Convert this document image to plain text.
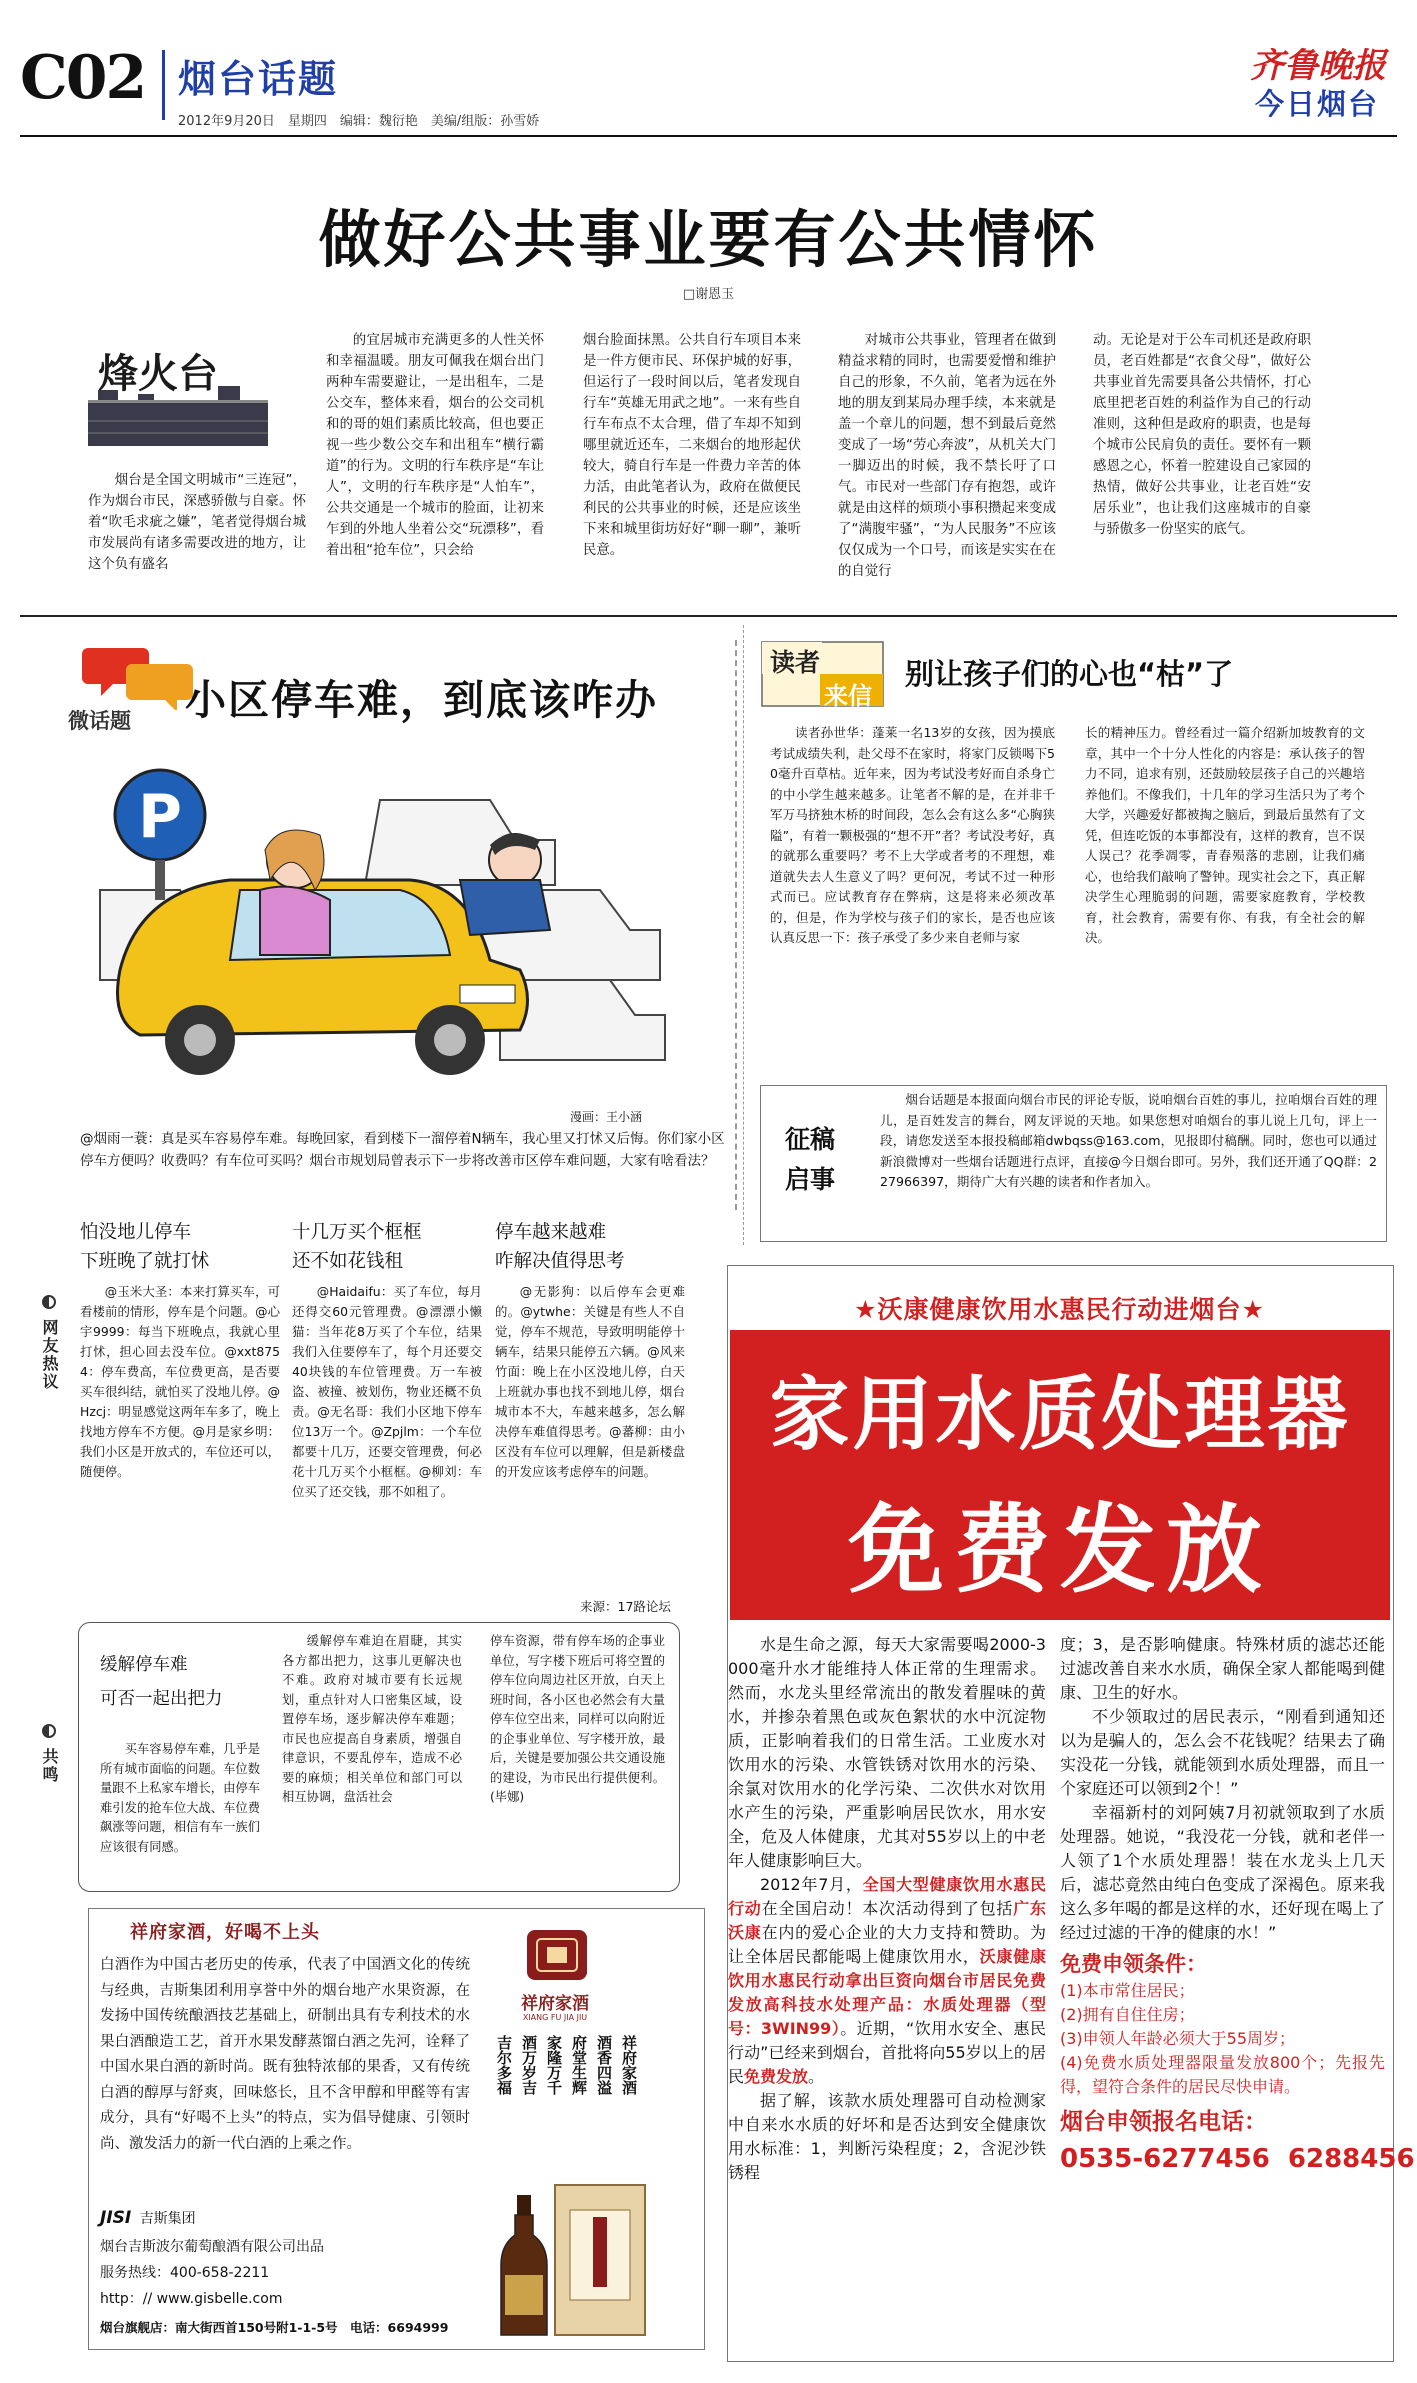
C02 烟台话题
2012年9月20日　星期四　编辑：魏衍艳　美编/组版：孙雪娇
齐鲁晚报
今日烟台
做好公共事业要有公共情怀
□谢恩玉
烽火台
烟台是全国文明城市“三连冠”，作为烟台市民，深感骄傲与自豪。怀着“吹毛求疵之嫌”，笔者觉得烟台城市发展尚有诸多需要改进的地方，让这个负有盛名
的宜居城市充满更多的人性关怀和幸福温暖。朋友可佩我在烟台出门两种车需要避让，一是出租车，二是公交车，整体来看，烟台的公交司机和的哥的姐们素质比较高，但也要正视一些少数公交车和出租车“横行霸道”的行为。文明的行车秩序是“车让人”，文明的行车秩序是“人怕车”，公共交通是一个城市的脸面，让初来乍到的外地人坐着公交“玩漂移”，看着出租“抢车位”，只会给
烟台脸面抹黑。公共自行车项目本来是一件方便市民、环保护城的好事，但运行了一段时间以后，笔者发现自行车“英雄无用武之地”。一来有些自行车布点不太合理，借了车却不知到哪里就近还车，二来烟台的地形起伏较大，骑自行车是一件费力辛苦的体力活，由此笔者认为，政府在做便民利民的公共事业的时候，还是应该坐下来和城里街坊好好“聊一聊”，兼听民意。
对城市公共事业，管理者在做到精益求精的同时，也需要爱憎和维护自己的形象，不久前，笔者为远在外地的朋友到某局办理手续，本来就是盖一个章儿的问题，想不到最后竟然变成了一场“劳心奔波”，从机关大门一脚迈出的时候，我不禁长吁了口气。市民对一些部门存有抱怨，或许就是由这样的烦琐小事积攒起来变成了“满腹牢骚”，“为人民服务”不应该仅仅成为一个口号，而该是实实在在的自觉行
动。无论是对于公车司机还是政府职员，老百姓都是“衣食父母”，做好公共事业首先需要具备公共情怀，打心底里把老百姓的利益作为自己的行动准则，这种但是政府的职责，也是每个城市公民肩负的责任。要怀有一颗感恩之心，怀着一腔建设自己家园的热情，做好公共事业，让老百姓“安居乐业”，也让我们这座城市的自豪与骄傲多一份坚实的底气。
微话题 小区停车难，到底该咋办
P
漫画：王小涵
@烟雨一蓑：真是买车容易停车难。每晚回家，看到楼下一溜停着N辆车，我心里又打怵又后悔。你们家小区停车方便吗？收费吗？有车位可买吗？烟台市规划局曾表示下一步将改善市区停车难问题，大家有啥看法？
网友热议
共鸣
怕没地儿停车
下班晚了就打怵
@玉米大圣：本来打算买车，可看楼前的情形，停车是个问题。@心宇9999：每当下班晚点，我就心里打怵，担心回去没车位。@xxt8754：停车费高，车位费更高，是否要买车很纠结，就怕买了没地儿停。@Hzcj：明显感觉这两年车多了，晚上找地方停车不方便。@月是家乡明：我们小区是开放式的，车位还可以，随便停。
十几万买个框框
还不如花钱租
@Haidaifu：买了车位，每月还得交60元管理费。@漂漂小懒猫：当年花8万买了个车位，结果我们入住要停车了，每个月还要交40块钱的车位管理费。万一车被盗、被撞、被划伤，物业还概不负责。@无名哥：我们小区地下停车位13万一个。@Zpjlm：一个车位都要十几万，还要交管理费，何必花十几万买个小框框。@柳刘：车位买了还交钱，那不如租了。
停车越来越难
咋解决值得思考
@无影狗：以后停车会更难的。@ytwhe：关键是有些人不自觉，停车不规范，导致明明能停十辆车，结果只能停五六辆。@风来竹面：晚上在小区没地儿停，白天上班就办事也找不到地儿停，烟台城市本不大，车越来越多，怎么解决停车难值得思考。@蕃柳：由小区没有车位可以理解，但是新楼盘的开发应该考虑停车的问题。
来源：17路论坛
缓解停车难
可否一起出把力
买车容易停车难，几乎是所有城市面临的问题。车位数量跟不上私家车增长，由停车难引发的抢车位大战、车位费飙涨等问题，相信有车一族们应该很有同感。
缓解停车难迫在眉睫，其实各方都出把力，这事儿更解决也不难。政府对城市要有长远规划，重点针对人口密集区域，设置停车场，逐步解决停车难题；市民也应提高自身素质，增强自律意识，不要乱停车，造成不必要的麻烦；相关单位和部门可以相互协调，盘活社会
停车资源，带有停车场的企事业单位，写字楼下班后可将空置的停车位向周边社区开放，白天上班时间，各小区也必然会有大量停车位空出来，同样可以向附近的企事业单位、写字楼开放，最后，关键是要加强公共交通设施的建设，为市民出行提供便利。(毕娜)
读者
来信
别让孩子们的心也“枯”了
读者孙世华：蓬莱一名13岁的女孩，因为摸底考试成绩失利，赴父母不在家时，将家门反锁喝下50毫升百草枯。近年来，因为考试没考好而自杀身亡的中小学生越来越多。让笔者不解的是，在并非千军万马挤独木桥的时间段，怎么会有这么多“心胸狭隘”，有着一颗极强的“想不开”者？考试没考好，真的就那么重要吗？考不上大学或者考的不理想，难道就失去人生意义了吗？更何况，考试不过一种形式而已。应试教育存在弊病，这是将来必须改革的，但是，作为学校与孩子们的家长，是否也应该认真反思一下：孩子承受了多少来自老师与家
长的精神压力。曾经看过一篇介绍新加坡教育的文章，其中一个十分人性化的内容是：承认孩子的智力不同，追求有别，还鼓励较层孩子自己的兴趣培养他们。不像我们，十几年的学习生活只为了考个大学，兴趣爱好都被掏之脑后，到最后虽然有了文凭，但连吃饭的本事都没有，这样的教育，岂不误人误己？花季凋零，青春殒落的悲剧，让我们痛心，也给我们敲响了警钟。现实社会之下，真正解决学生心理脆弱的问题，需要家庭教育，学校教育，社会教育，需要有你、有我，有全社会的解决。
征稿
启事
烟台话题是本报面向烟台市民的评论专版，说咱烟台百姓的事儿，拉咱烟台百姓的理儿，是百姓发言的舞台，网友评说的天地。如果您想对咱烟台的事儿说上几句，评上一段，请您发送至本报投稿邮箱dwbqss@163.com，见报即付稿酬。同时，您也可以通过新浪微博对一些烟台话题进行点评，直接@今日烟台即可。另外，我们还开通了QQ群：227966397，期待广大有兴趣的读者和作者加入。
★沃康健康饮用水惠民行动进烟台★
家用水质处理器
免费发放
水是生命之源，每天大家需要喝2000-3000毫升水才能维持人体正常的生理需求。然而，水龙头里经常流出的散发着腥味的黄水，并掺杂着黑色或灰色絮状的水中沉淀物质，正影响着我们的日常生活。工业废水对饮用水的污染、水管铁锈对饮用水的污染、余氯对饮用水的化学污染、二次供水对饮用水产生的污染，严重影响居民饮水，用水安全，危及人体健康，尤其对55岁以上的中老年人健康影响巨大。
2012年7月，全国大型健康饮用水惠民行动在全国启动！本次活动得到了包括广东沃康在内的爱心企业的大力支持和赞助。为让全体居民都能喝上健康饮用水，沃康健康饮用水惠民行动拿出巨资向烟台市居民免费发放高科技水处理产品：水质处理器（型号：3WIN99）。近期，“饮用水安全、惠民行动”已经来到烟台，首批将向55岁以上的居民免费发放。
据了解，该款水质处理器可自动检测家中自来水水质的好坏和是否达到安全健康饮用水标准：1，判断污染程度；2，含泥沙铁锈程
度；3，是否影响健康。特殊材质的滤芯还能过滤改善自来水水质，确保全家人都能喝到健康、卫生的好水。
不少领取过的居民表示，“刚看到通知还以为是骗人的，怎么会不花钱呢？结果去了确实没花一分钱，就能领到水质处理器，而且一个家庭还可以领到2个！”
幸福新村的刘阿姨7月初就领取到了水质处理器。她说，“我没花一分钱，就和老伴一人领了1个水质处理器！装在水龙头上几天后，滤芯竟然由纯白色变成了深褐色。原来我这么多年喝的都是这样的水，还好现在喝上了经过过滤的干净的健康的水！”
免费申领条件：
(1)本市常住居民；
(2)拥有自住住房；
(3)申领人年龄必须大于55周岁；
(4)免费水质处理器限量发放800个；先报先得，望符合条件的居民尽快申请。
烟台申领报名电话：
0535-6277456  6288456
祥府家酒，好喝不上头
白酒作为中国古老历史的传承，代表了中国酒文化的传统与经典，吉斯集团利用享誉中外的烟台地产水果资源，在发扬中国传统酿酒技艺基础上，研制出具有专利技术的水果白酒酿造工艺，首开水果发酵蒸馏白酒之先河，诠释了中国水果白酒的新时尚。既有独特浓郁的果香，又有传统白酒的醇厚与舒爽，回味悠长，且不含甲醇和甲醛等有害成分，具有“好喝不上头”的特点，实为倡导健康、引领时尚、激发活力的新一代白酒的上乘之作。
JISI 吉斯集团
烟台吉斯波尔葡萄酿酒有限公司出品
服务热线：400-658-2211
http：// www.gisbelle.com
烟台旗舰店：南大街西首150号附1-1-5号　电话：6694999
祥府家酒
XIANG FU JIA JIU
祥府家酒
酒香四溢
府堂生辉
家隆万千
酒万岁吉
吉尔多福
